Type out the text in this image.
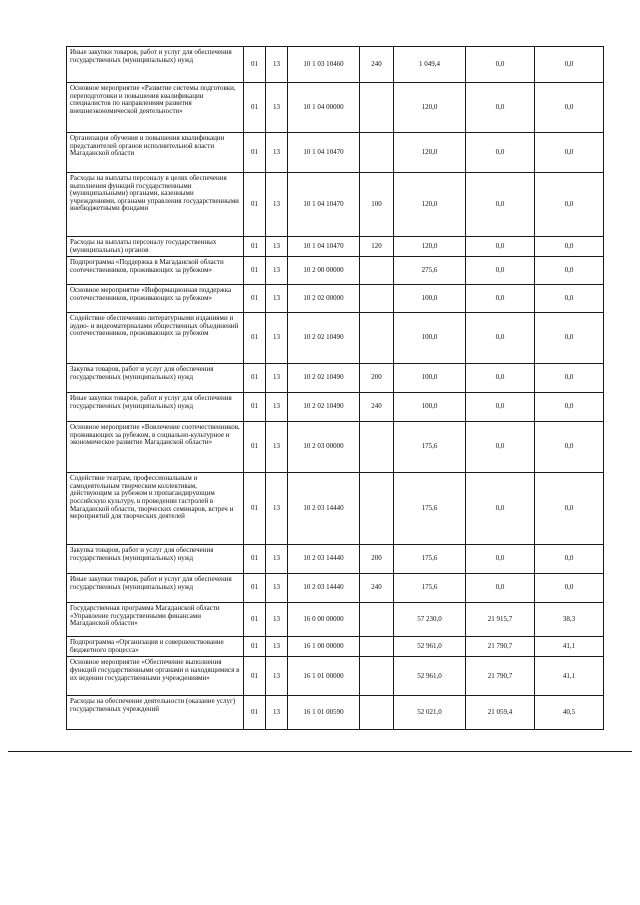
Иные закупки товаров, работ и услуг для обеспечения государственных (муниципальных) нужд	01	13	10 1 03 10460	240	1 049,4	0,0	0,0
Основное мероприятие «Развитие системы подготовки, переподготовки и повышения квалификации специалистов по направлениям развития внешнеэкономической деятельности»	01	13	10 1 04 00000		120,0	0,0	0,0
Организация обучения и повышения квалификации представителей органов исполнительной власти Магаданской области	01	13	10 1 04 10470		120,0	0,0	0,0
Расходы на выплаты персоналу в целях обеспечения выполнения функций государственными (муниципальными) органами, казенными учреждениями, органами управления государственными внебюджетными фондами	01	13	10 1 04 10470	100	120,0	0,0	0,0
Расходы на выплаты персоналу государственных (муниципальных) органов	01	13	10 1 04 10470	120	120,0	0,0	0,0
Подпрограмма «Поддержка в Магаданской области соотечественников, проживающих за рубежом»	01	13	10 2 00 00000		275,6	0,0	0,0
Основное мероприятие «Информационная поддержка соотечественников, проживающих за рубежом»	01	13	10 2 02 00000		100,0	0,0	0,0
Содействие обеспечению литературными изданиями и аудио- и видеоматериалами общественных объединений соотечественников, проживающих за рубежом	01	13	10 2 02 10490		100,0	0,0	0,0
Закупка товаров, работ и услуг для обеспечения государственных (муниципальных) нужд	01	13	10 2 02 10490	200	100,0	0,0	0,0
Иные закупки товаров, работ и услуг для обеспечения государственных (муниципальных) нужд	01	13	10 2 02 10490	240	100,0	0,0	0,0
Основное мероприятие «Вовлечение соотечественников, проживающих за рубежом, в социально-культурное и экономическое развитие Магаданской области»	01	13	10 2 03 00000		175,6	0,0	0,0
Содействие театрам, профессиональным и самодеятельным творческим коллективам, действующим за рубежом и пропагандирующим российскую культуру, в проведении гастролей в Магаданской области, творческих семинаров, встреч и мероприятий для творческих деятелей	01	13	10 2 03 14440		175,6	0,0	0,0
Закупка товаров, работ и услуг для обеспечения государственных (муниципальных) нужд	01	13	10 2 03 14440	200	175,6	0,0	0,0
Иные закупки товаров, работ и услуг для обеспечения государственных (муниципальных) нужд	01	13	10 2 03 14440	240	175,6	0,0	0,0
Государственная программа Магаданской области «Управление государственными финансами Магаданской области»	01	13	16 0 00 00000		57 230,0	21 915,7	38,3
Подпрограмма «Организация и совершенствование бюджетного процесса»	01	13	16 1 00 00000		52 961,0	21 790,7	41,1
Основное мероприятие «Обеспечение выполнения функций государственными органами и находящимися в их ведении государственными учреждениями»	01	13	16 1 01 00000		52 961,0	21 790,7	41,1
Расходы на обеспечение деятельности (оказание услуг) государственных учреждений	01	13	16 1 01 00590		52 021,0	21 059,4	40,5
